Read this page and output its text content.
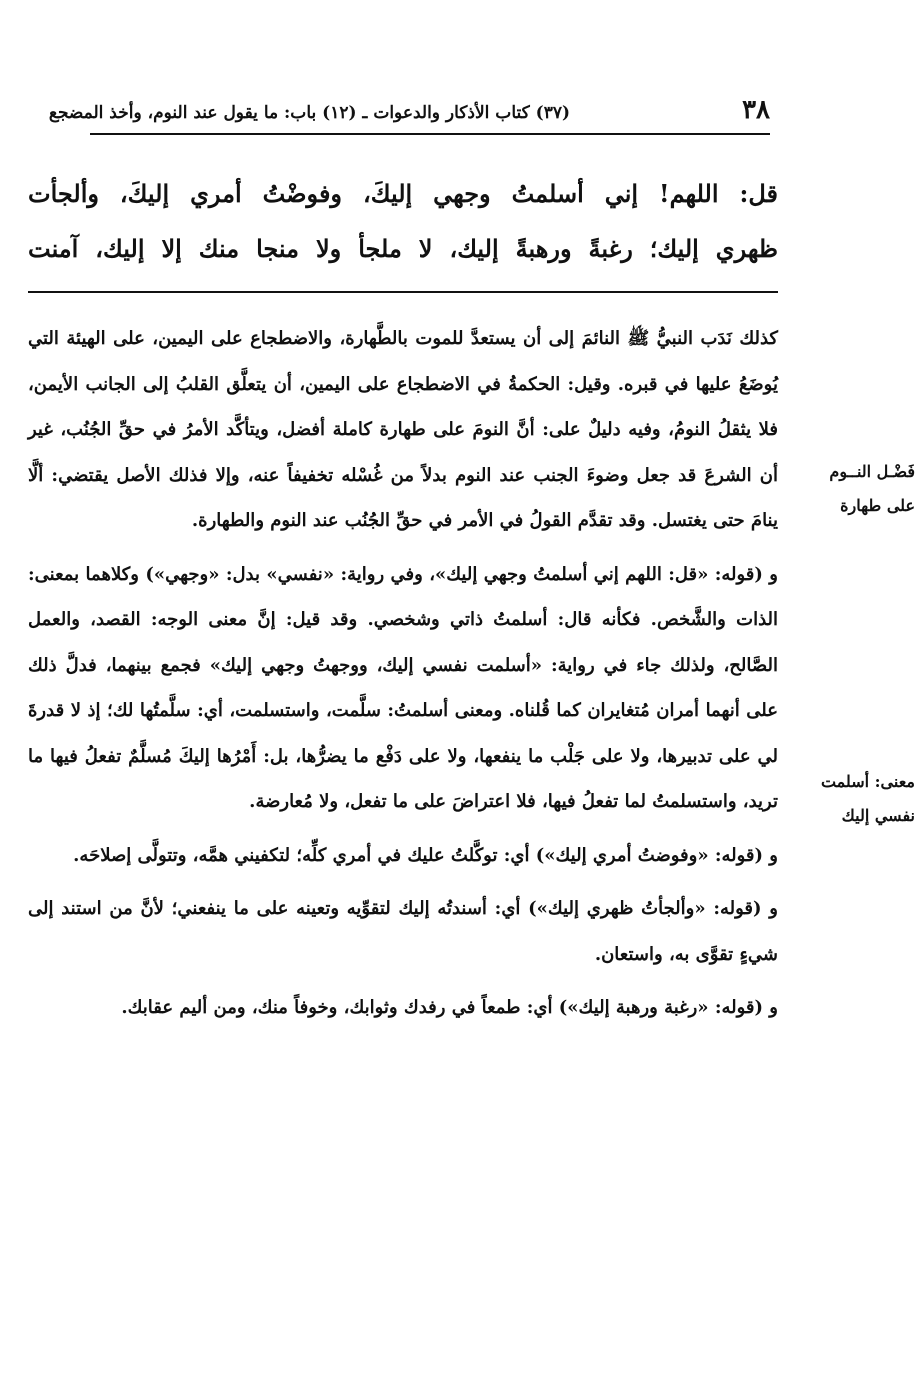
٣٨
(٣٧) كتاب الأذكار والدعوات ـ (١٢) باب: ما يقول عند النوم، وأخذ المضجع

قل: اللهم! إني أسلمتُ وجهي إليكَ، وفوضْتُ أمري إليكَ، وألجأت

ظهري إليك؛ رغبةً ورهبةً إليك، لا ملجأ ولا منجا منك إلا إليك، آمنت

كذلك نَدَب النبيُّ ﷺ النائمَ إلى أن يستعدَّ للموت بالطَّهارة، والاضطجاع على اليمين، على الهيئة التي يُوضَعُ عليها في قبره. وقيل: الحكمةُ في الاضطجاع على اليمين، أن يتعلَّق القلبُ إلى الجانب الأيمن، فلا يثقلُ النومُ، وفيه دليلٌ على: أنَّ النومَ على طهارة كاملة أفضل، ويتأكَّد الأمرُ في حقِّ الجُنُب، غير أن الشرعَ قد جعل وضوءَ الجنب عند النوم بدلاً من غُسْله تخفيفاً عنه، وإلا فذلك الأصل يقتضي: ألَّا ينامَ حتى يغتسل. وقد تقدَّم القولُ في الأمر في حقِّ الجُنُب عند النوم والطهارة.

و (قوله: «قل: اللهم إني أسلمتُ وجهي إليك»، وفي رواية: «نفسي» بدل: «وجهي») وكلاهما بمعنى: الذات والشَّخص. فكأنه قال: أسلمتُ ذاتي وشخصي. وقد قيل: إنَّ معنى الوجه: القصد، والعمل الصَّالح، ولذلك جاء في رواية: «أسلمت نفسي إليك، ووجهتُ وجهي إليك» فجمع بينهما، فدلَّ ذلك على أنهما أمران مُتغايران كما قُلناه. ومعنى أسلمتُ: سلَّمت، واستسلمت، أي: سلَّمتُها لك؛ إذ لا قدرةَ لي على تدبيرها، ولا على جَلْب ما ينفعها، ولا على دَفْع ما يضرُّها، بل: أَمْرُها إليكَ مُسلَّمٌ تفعلُ فيها ما تريد، واستسلمتُ لما تفعلُ فيها، فلا اعتراضَ على ما تفعل، ولا مُعارضة.

و (قوله: «وفوضتُ أمري إليك») أي: توكَّلتُ عليك في أمري كلِّه؛ لتكفيني همَّه، وتتولَّى إصلاحَه.

و (قوله: «وألجأتُ ظهري إليك») أي: أسندتُه إليك لتقوِّيه وتعينه على ما ينفعني؛ لأنَّ من استند إلى شيءٍ تقوَّى به، واستعان.

و (قوله: «رغبة ورهبة إليك») أي: طمعاً في رفدك وثوابك، وخوفاً منك، ومن أليم عقابك.

فَضْـل النــوم
على طهارة
معنى: أسلمت
نفسي إليك
